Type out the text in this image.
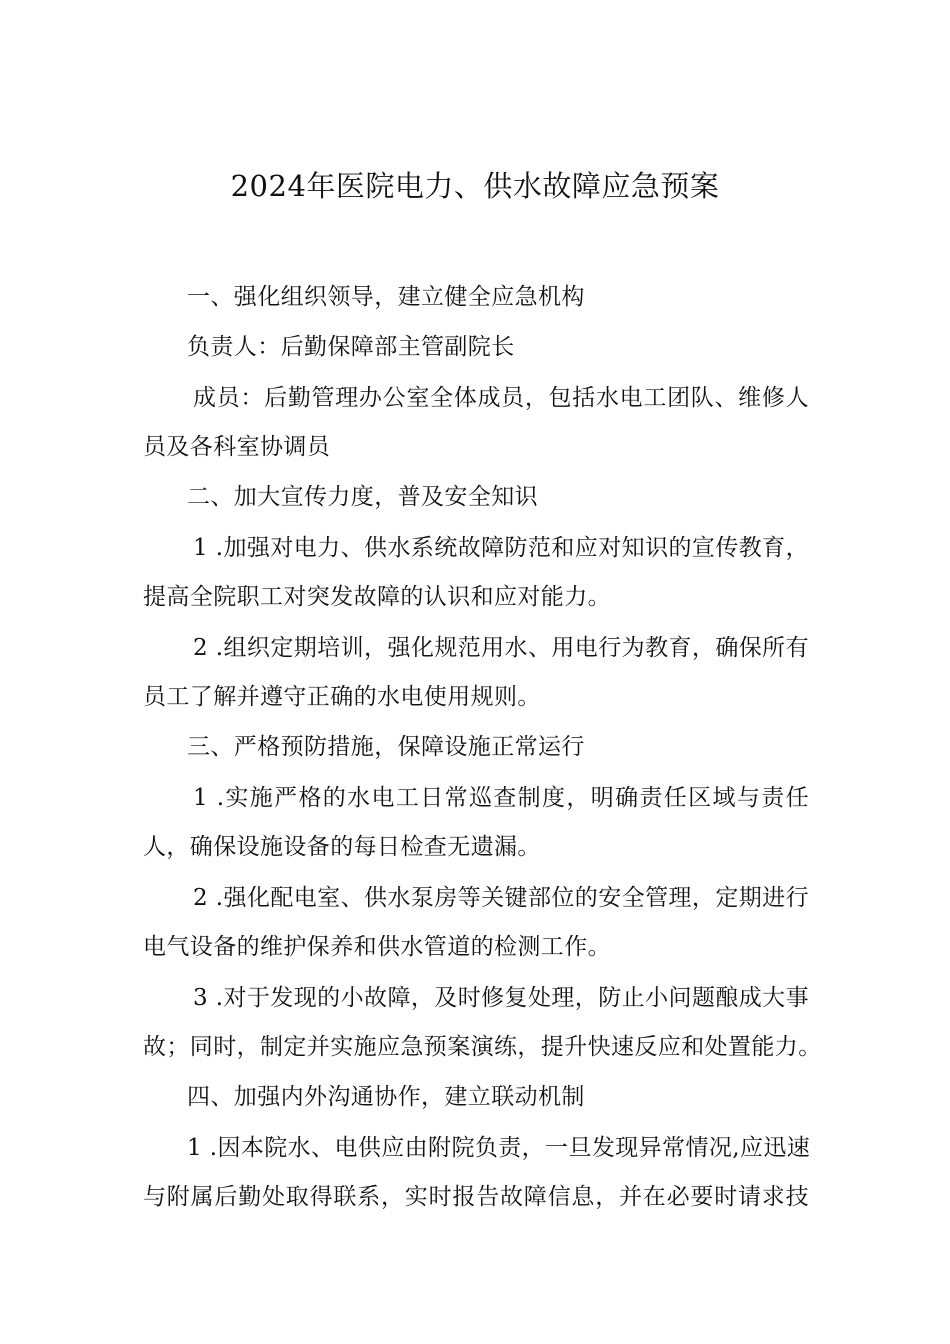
2024年医院电力、供水故障应急预案
一、强化组织领导，建立健全应急机构
负责人：后勤保障部主管副院长
成员：后勤管理办公室全体成员，包括水电工团队、维修人
员及各科室协调员
二、加大宣传力度，普及安全知识
1 .加强对电力、供水系统故障防范和应对知识的宣传教育，
提高全院职工对突发故障的认识和应对能力。
2 .组织定期培训，强化规范用水、用电行为教育，确保所有
员工了解并遵守正确的水电使用规则。
三、严格预防措施，保障设施正常运行
1 .实施严格的水电工日常巡查制度，明确责任区域与责任
人，确保设施设备的每日检查无遗漏。
2 .强化配电室、供水泵房等关键部位的安全管理，定期进行
电气设备的维护保养和供水管道的检测工作。
3 .对于发现的小故障，及时修复处理，防止小问题酿成大事
故；同时，制定并实施应急预案演练，提升快速反应和处置能力。
四、加强内外沟通协作，建立联动机制
1 .因本院水、电供应由附院负责，一旦发现异常情况,应迅速
与附属后勤处取得联系，实时报告故障信息，并在必要时请求技
